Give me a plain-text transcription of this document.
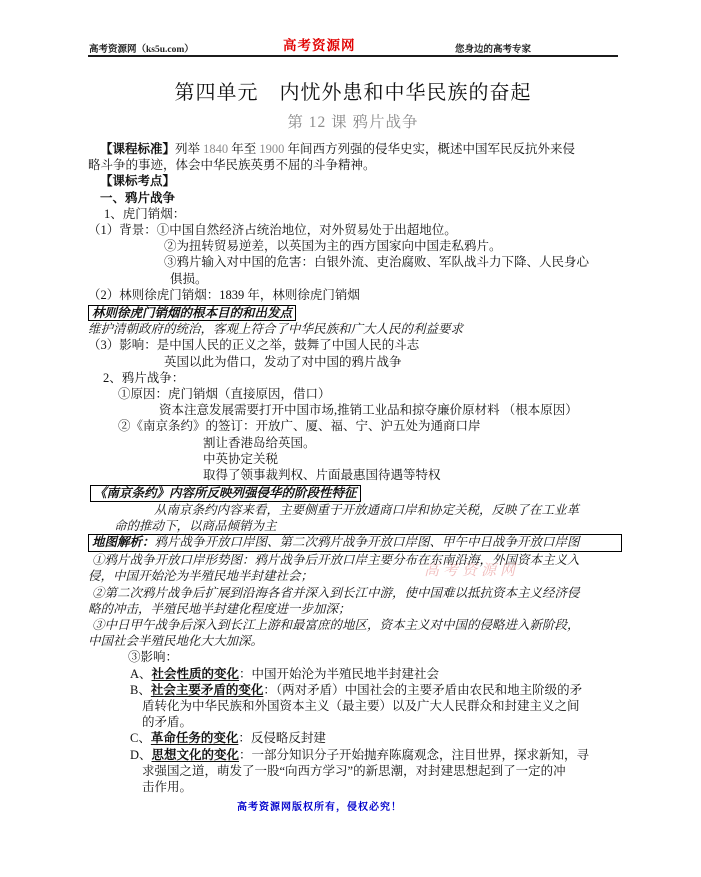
高考资源网（ks5u.com）	高考资源网	您身边的高考专家
第四单元　内忧外患和中华民族的奋起
第 12 课 鸦片战争
【课程标准】列举 1840 年至 1900 年间西方列强的侵华史实，概述中国军民反抗外来侵
略斗争的事迹，体会中华民族英勇不屈的斗争精神。
【课标考点】
一、鸦片战争
1、虎门销烟：
（1）背景：①中国自然经济占统治地位，对外贸易处于出超地位。
②为扭转贸易逆差，以英国为主的西方国家向中国走私鸦片。
③鸦片输入对中国的危害：白银外流、吏治腐败、军队战斗力下降、人民身心
俱损。
（2）林则徐虎门销烟：1839 年，林则徐虎门销烟
林则徐虎门销烟的根本目的和出发点
维护清朝政府的统治，客观上符合了中华民族和广大人民的利益要求
（3）影响：是中国人民的正义之举，鼓舞了中国人民的斗志
英国以此为借口，发动了对中国的鸦片战争
2、鸦片战争：
①原因：虎门销烟（直接原因，借口）
资本注意发展需要打开中国市场,推销工业品和掠夺廉价原材料 （根本原因）
②《南京条约》的签订：开放广、厦、福、宁、沪五处为通商口岸
割让香港岛给英国。
中英协定关税
取得了领事裁判权、片面最惠国待遇等特权
《南京条约》内容所反映列强侵华的阶段性特征
从南京条约内容来看，主要侧重于开放通商口岸和协定关税，反映了在工业革
命的推动下，以商品倾销为主
地图解析：鸦片战争开放口岸图、第二次鸦片战争开放口岸图、甲午中日战争开放口岸图
①鸦片战争开放口岸形势图：鸦片战争后开放口岸主要分布在东南沿海，外国资本主义入
侵，中国开始沦为半殖民地半封建社会；
②第二次鸦片战争后扩展到沿海各省并深入到长江中游，使中国难以抵抗资本主义经济侵
略的冲击，半殖民地半封建化程度进一步加深；
③中日甲午战争后深入到长江上游和最富庶的地区，资本主义对中国的侵略进入新阶段，
中国社会半殖民地化大大加深。
③影响：
A、社会性质的变化：中国开始沦为半殖民地半封建社会
B、社会主要矛盾的变化：（两对矛盾）中国社会的主要矛盾由农民和地主阶级的矛
盾转化为中华民族和外国资本主义（最主要）以及广大人民群众和封建主义之间
的矛盾。
C、革命任务的变化：反侵略反封建
D、思想文化的变化：一部分知识分子开始抛弃陈腐观念，注目世界，探求新知，寻
求强国之道，萌发了一股“向西方学习”的新思潮，对封建思想起到了一定的冲
击作用。
高考资源网
高考资源网版权所有，侵权必究！
